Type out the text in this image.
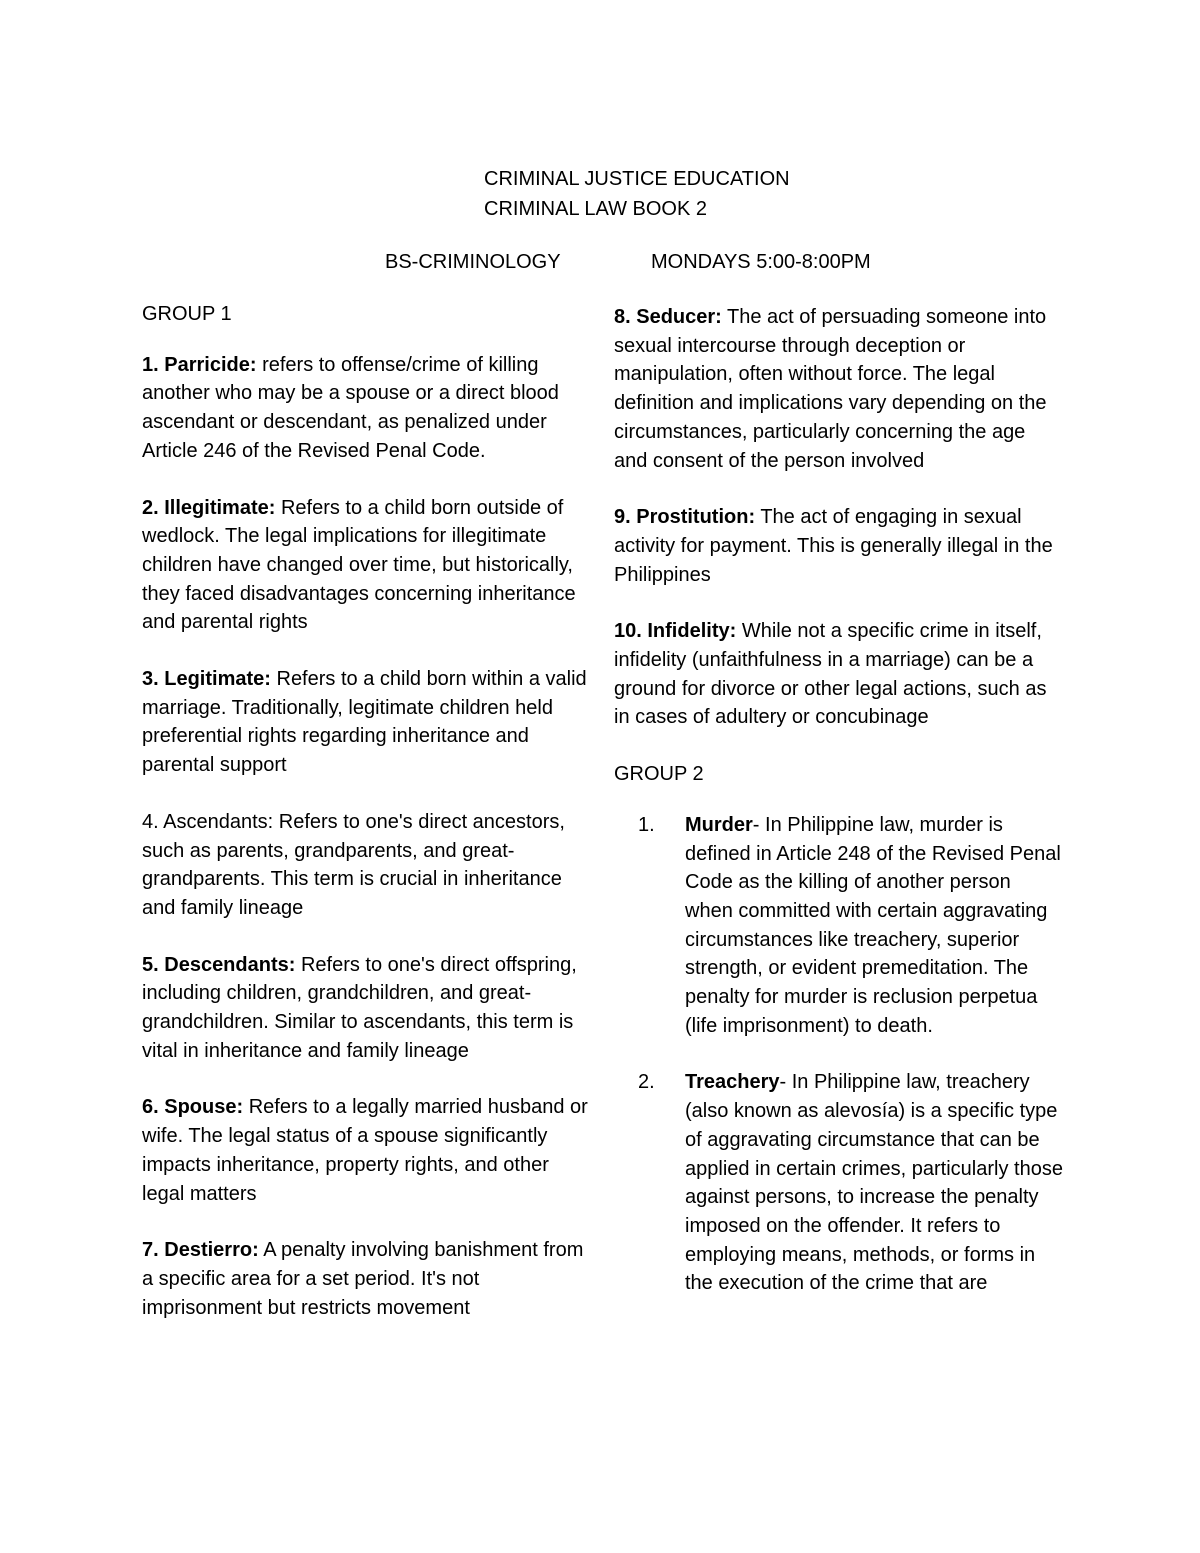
CRIMINAL JUSTICE EDUCATION
CRIMINAL LAW BOOK 2
BS-CRIMINOLOGY	MONDAYS 5:00-8:00PM
GROUP 1
1. Parricide: refers to offense/crime of killing another who may be a spouse or a direct blood ascendant or descendant, as penalized under Article 246 of the Revised Penal Code.
2. Illegitimate: Refers to a child born outside of wedlock. The legal implications for illegitimate children have changed over time, but historically, they faced disadvantages concerning inheritance and parental rights
3. Legitimate: Refers to a child born within a valid marriage. Traditionally, legitimate children held preferential rights regarding inheritance and parental support
4. Ascendants: Refers to one's direct ancestors, such as parents, grandparents, and great-grandparents. This term is crucial in inheritance and family lineage
5. Descendants: Refers to one's direct offspring, including children, grandchildren, and great-grandchildren. Similar to ascendants, this term is vital in inheritance and family lineage
6. Spouse: Refers to a legally married husband or wife. The legal status of a spouse significantly impacts inheritance, property rights, and other legal matters
7. Destierro: A penalty involving banishment from a specific area for a set period. It's not imprisonment but restricts movement
8. Seducer: The act of persuading someone into sexual intercourse through deception or manipulation, often without force. The legal definition and implications vary depending on the circumstances, particularly concerning the age and consent of the person involved
9. Prostitution: The act of engaging in sexual activity for payment. This is generally illegal in the Philippines
10. Infidelity: While not a specific crime in itself, infidelity (unfaithfulness in a marriage) can be a ground for divorce or other legal actions, such as in cases of adultery or concubinage
GROUP 2
1. Murder- In Philippine law, murder is defined in Article 248 of the Revised Penal Code as the killing of another person when committed with certain aggravating circumstances like treachery, superior strength, or evident premeditation. The penalty for murder is reclusion perpetua (life imprisonment) to death.
2. Treachery- In Philippine law, treachery (also known as alevosía) is a specific type of aggravating circumstance that can be applied in certain crimes, particularly those against persons, to increase the penalty imposed on the offender. It refers to employing means, methods, or forms in the execution of the crime that are
